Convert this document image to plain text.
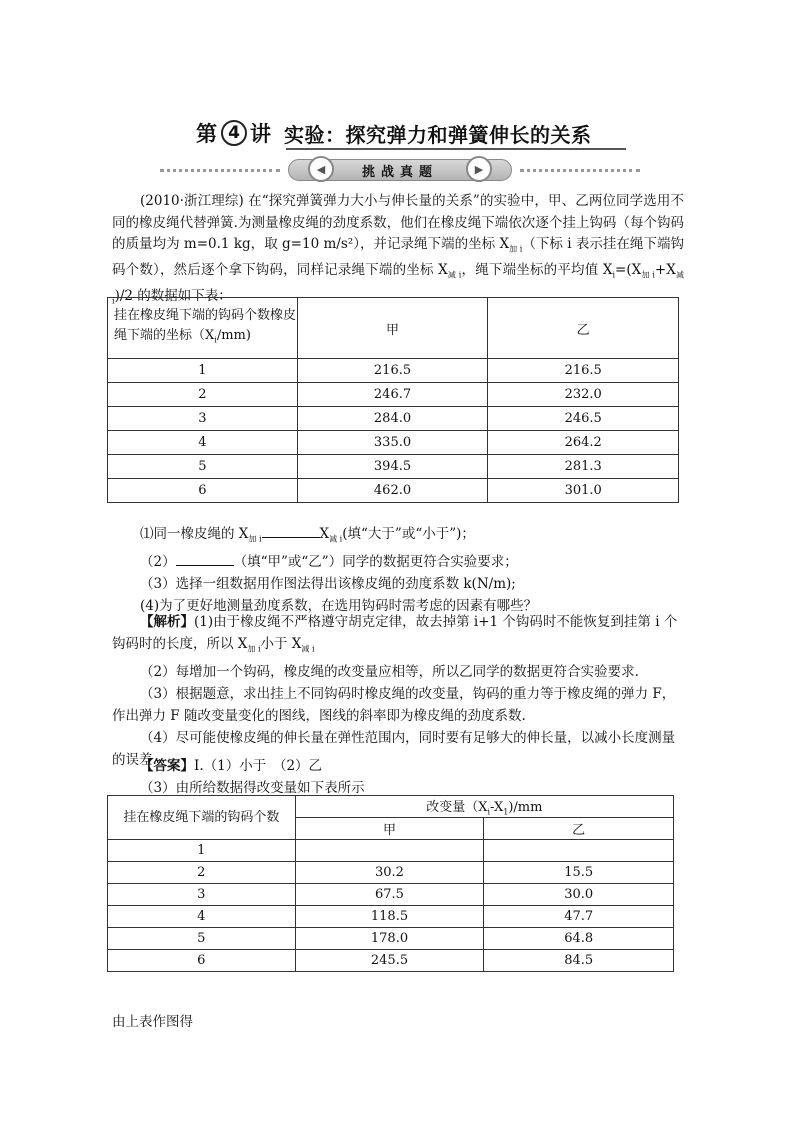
第 4 讲 实验：探究弹力和弹簧伸长的关系
◀	▶
挑战真题

(2010·浙江理综) 在“探究弹簧弹力大小与伸长量的关系”的实验中，甲、乙两位同学选用不同的橡皮绳代替弹簧.为测量橡皮绳的劲度系数，他们在橡皮绳下端依次逐个挂上钩码（每个钩码的质量均为 m=0.1 kg，取 g=10 m/s²），并记录绳下端的坐标 $X_{加 i}$（下标 i 表示挂在绳下端钩码个数），然后逐个拿下钩码，同样记录绳下端的坐标 $X_{减 i}$，绳下端坐标的平均值 $X_i=(X_{加 i}+X_{减 i})/2$ 的数据如下表：

挂在橡皮绳下端的钩码个数橡皮绳下端的坐标$(X_i/mm)$	甲	乙
1	216.5	216.5
2	246.7	232.0
3	284.0	246.5
4	335.0	264.2
5	394.5	281.3
6	462.0	301.0

⑴同一橡皮绳的 $X_{加 i}$	$X_{减 i}$(填“大于”或“小于”)；

（2）	（填“甲”或“乙”）同学的数据更符合实验要求；

（3）选择一组数据用作图法得出该橡皮绳的劲度系数 k(N/m);

(4)为了更好地测量劲度系数，在选用钩码时需考虑的因素有哪些？

【解析】(1)由于橡皮绳不严格遵守胡克定律，故去掉第 i+1 个钩码时不能恢复到挂第 i 个钩码时的长度，所以 $X_{加 i}$小于 $X_{减 i}$

（2）每增加一个钩码，橡皮绳的改变量应相等，所以乙同学的数据更符合实验要求.

（3）根据题意，求出挂上不同钩码时橡皮绳的改变量，钩码的重力等于橡皮绳的弹力 F，作出弹力 F 随改变量变化的图线，图线的斜率即为橡皮绳的劲度系数.

（4）尽可能使橡皮绳的伸长量在弹性范围内，同时要有足够大的伸长量，以减小长度测量的误差.

【答案】I.（1）小于　（2）乙

（3）由所给数据得改变量如下表所示

挂在橡皮绳下端的钩码个数	改变量$(X_i-X_1)/mm$	
	甲	乙
1		
2	30.2	15.5
3	67.5	30.0
4	118.5	47.7
5	178.0	64.8
6	245.5	84.5
由上表作图得
